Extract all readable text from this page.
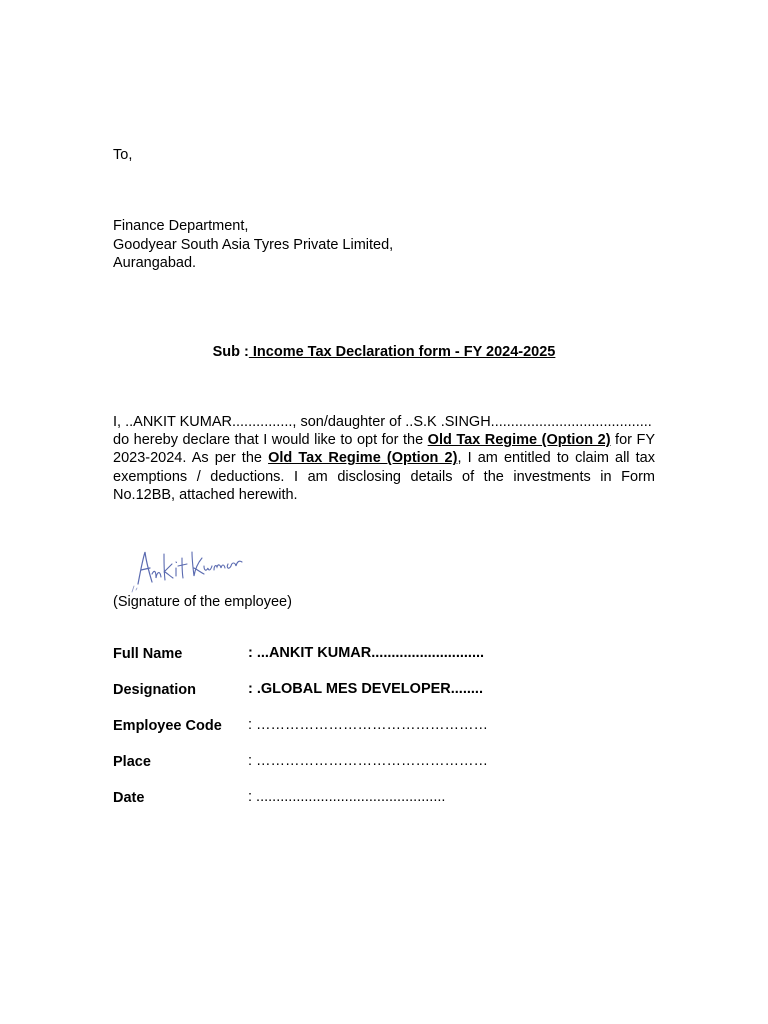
To,
Finance Department,
Goodyear South Asia Tyres Private Limited,
Aurangabad.
Sub : Income Tax Declaration form - FY 2024-2025
I, ..ANKIT KUMAR..............., son/daughter of ..S.K .SINGH........................................
do hereby declare that I would like to opt for the Old Tax Regime (Option 2) for FY 2023-2024. As per the Old Tax Regime (Option 2), I am entitled to claim all tax exemptions / deductions. I am disclosing details of the investments in Form No.12BB, attached herewith.
(Signature of the employee)
Full Name	: ...ANKIT KUMAR............................
Designation	: .GLOBAL MES DEVELOPER........
Employee Code : …………………………………………
Place	: …………………………………………
Date	: ...............................................
